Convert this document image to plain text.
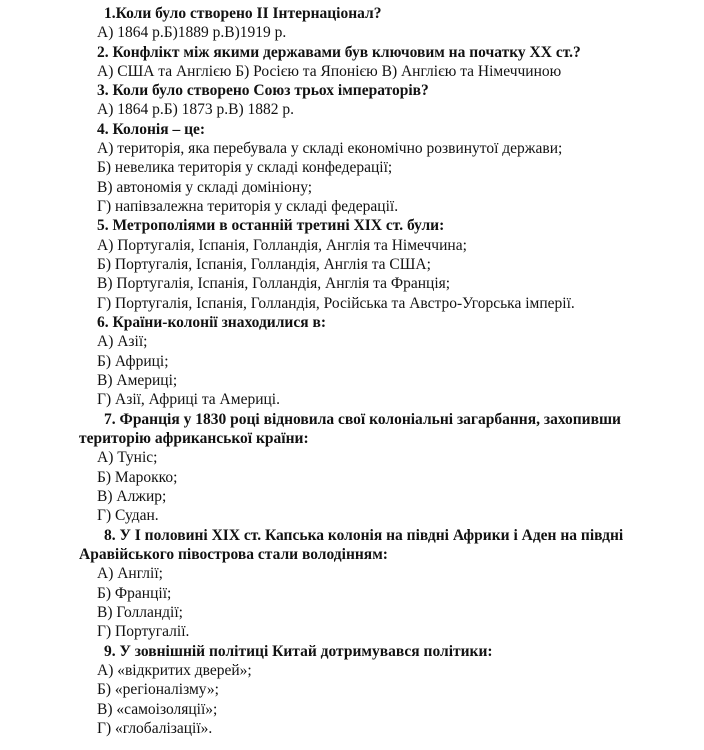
1.Коли було створено ІІ Інтернаціонал?
А) 1864 р.Б)1889 р.В)1919 р.
2. Конфлікт між якими державами був ключовим на початку ХХ ст.?
А) США та Англією Б) Росією та Японією В) Англією та Німеччиною
3. Коли було створено Союз трьох імператорів?
А) 1864 р.Б) 1873 р.В) 1882 р.
4. Колонія – це:
А) територія, яка перебувала у складі економічно розвинутої держави;
Б) невелика територія у складі конфедерації;
В) автономія у складі домініону;
Г) напівзалежна територія у складі федерації.
5. Метрополіями в останній третині ХІХ ст. були:
А) Португалія, Іспанія, Голландія, Англія та Німеччина;
Б) Португалія, Іспанія, Голландія, Англія та США;
В) Португалія, Іспанія, Голландія, Англія та Франція;
Г) Португалія, Іспанія, Голландія, Російська та Австро-Угорська імперії.
6. Країни-колонії знаходилися в:
А) Азії;
Б) Африці;
В) Америці;
Г) Азії, Африці та Америці.
7. Франція у 1830 році відновила свої колоніальні загарбання, захопивши
територію африканської країни:
А) Туніс;
Б) Марокко;
В) Алжир;
Г) Судан.
8. У І половині ХІХ ст. Капська колонія на півдні Африки і Аден на півдні
Аравійського півострова стали володінням:
А) Англії;
Б) Франції;
В) Голландії;
Г) Португалії.
9. У зовнішній політиці Китай дотримувався політики:
А) «відкритих дверей»;
Б) «регіоналізму»;
В) «самоізоляції»;
Г) «глобалізації».
